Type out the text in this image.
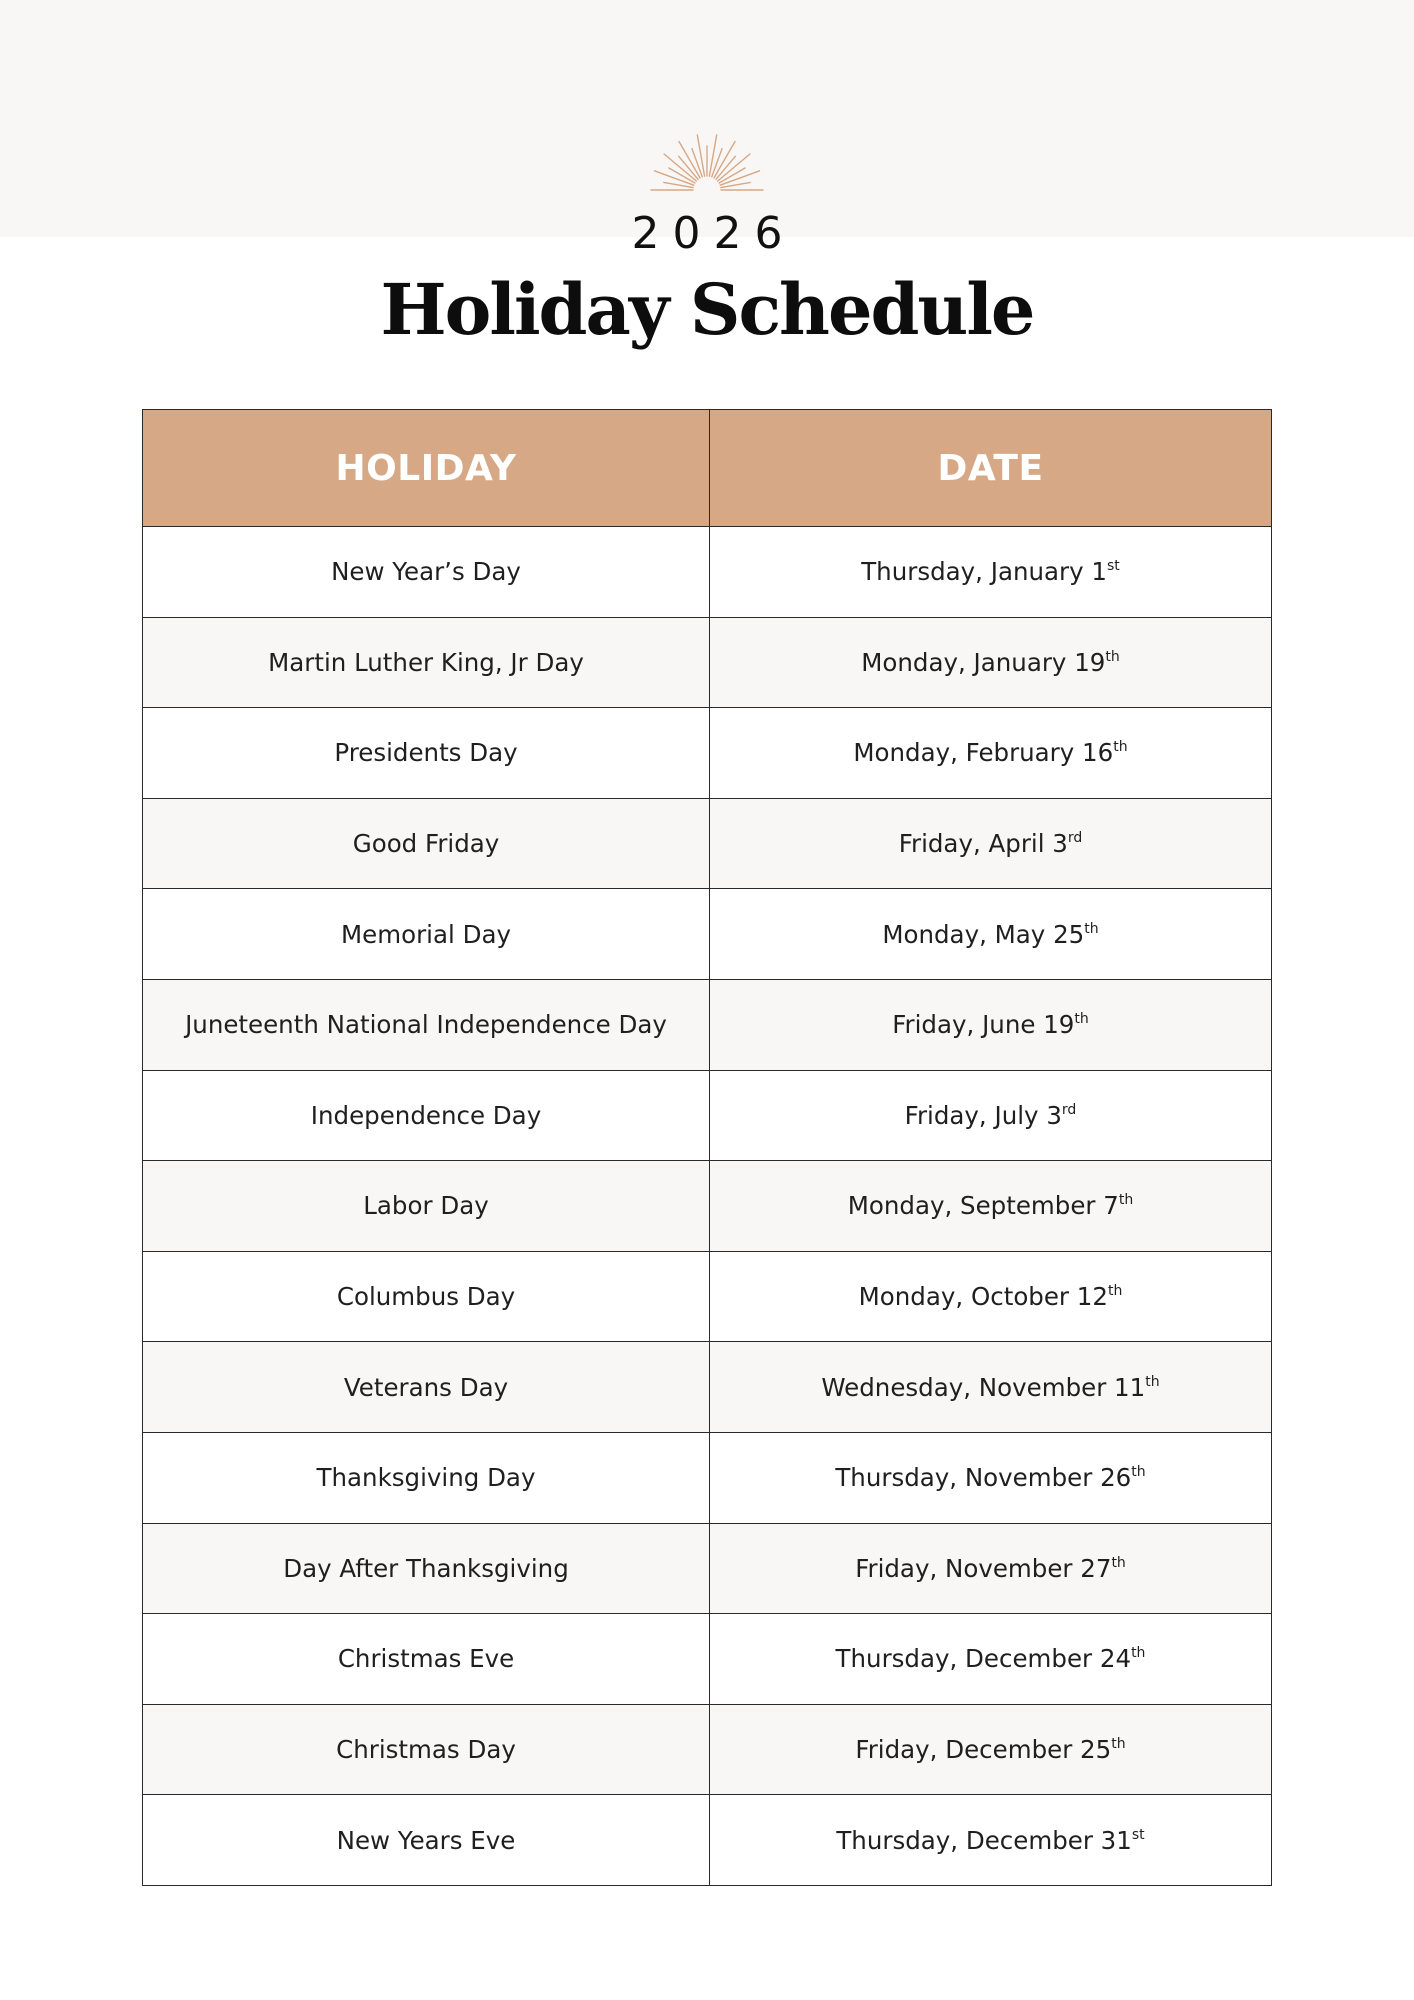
2026
Holiday Schedule
HOLIDAY	DATE
New Year’s Day	Thursday, January 1st
Martin Luther King, Jr Day	Monday, January 19th
Presidents Day	Monday, February 16th
Good Friday	Friday, April 3rd
Memorial Day	Monday, May 25th
Juneteenth National Independence Day	Friday, June 19th
Independence Day	Friday, July 3rd
Labor Day	Monday, September 7th
Columbus Day	Monday, October 12th
Veterans Day	Wednesday, November 11th
Thanksgiving Day	Thursday, November 26th
Day After Thanksgiving	Friday, November 27th
Christmas Eve	Thursday, December 24th
Christmas Day	Friday, December 25th
New Years Eve	Thursday, December 31st
